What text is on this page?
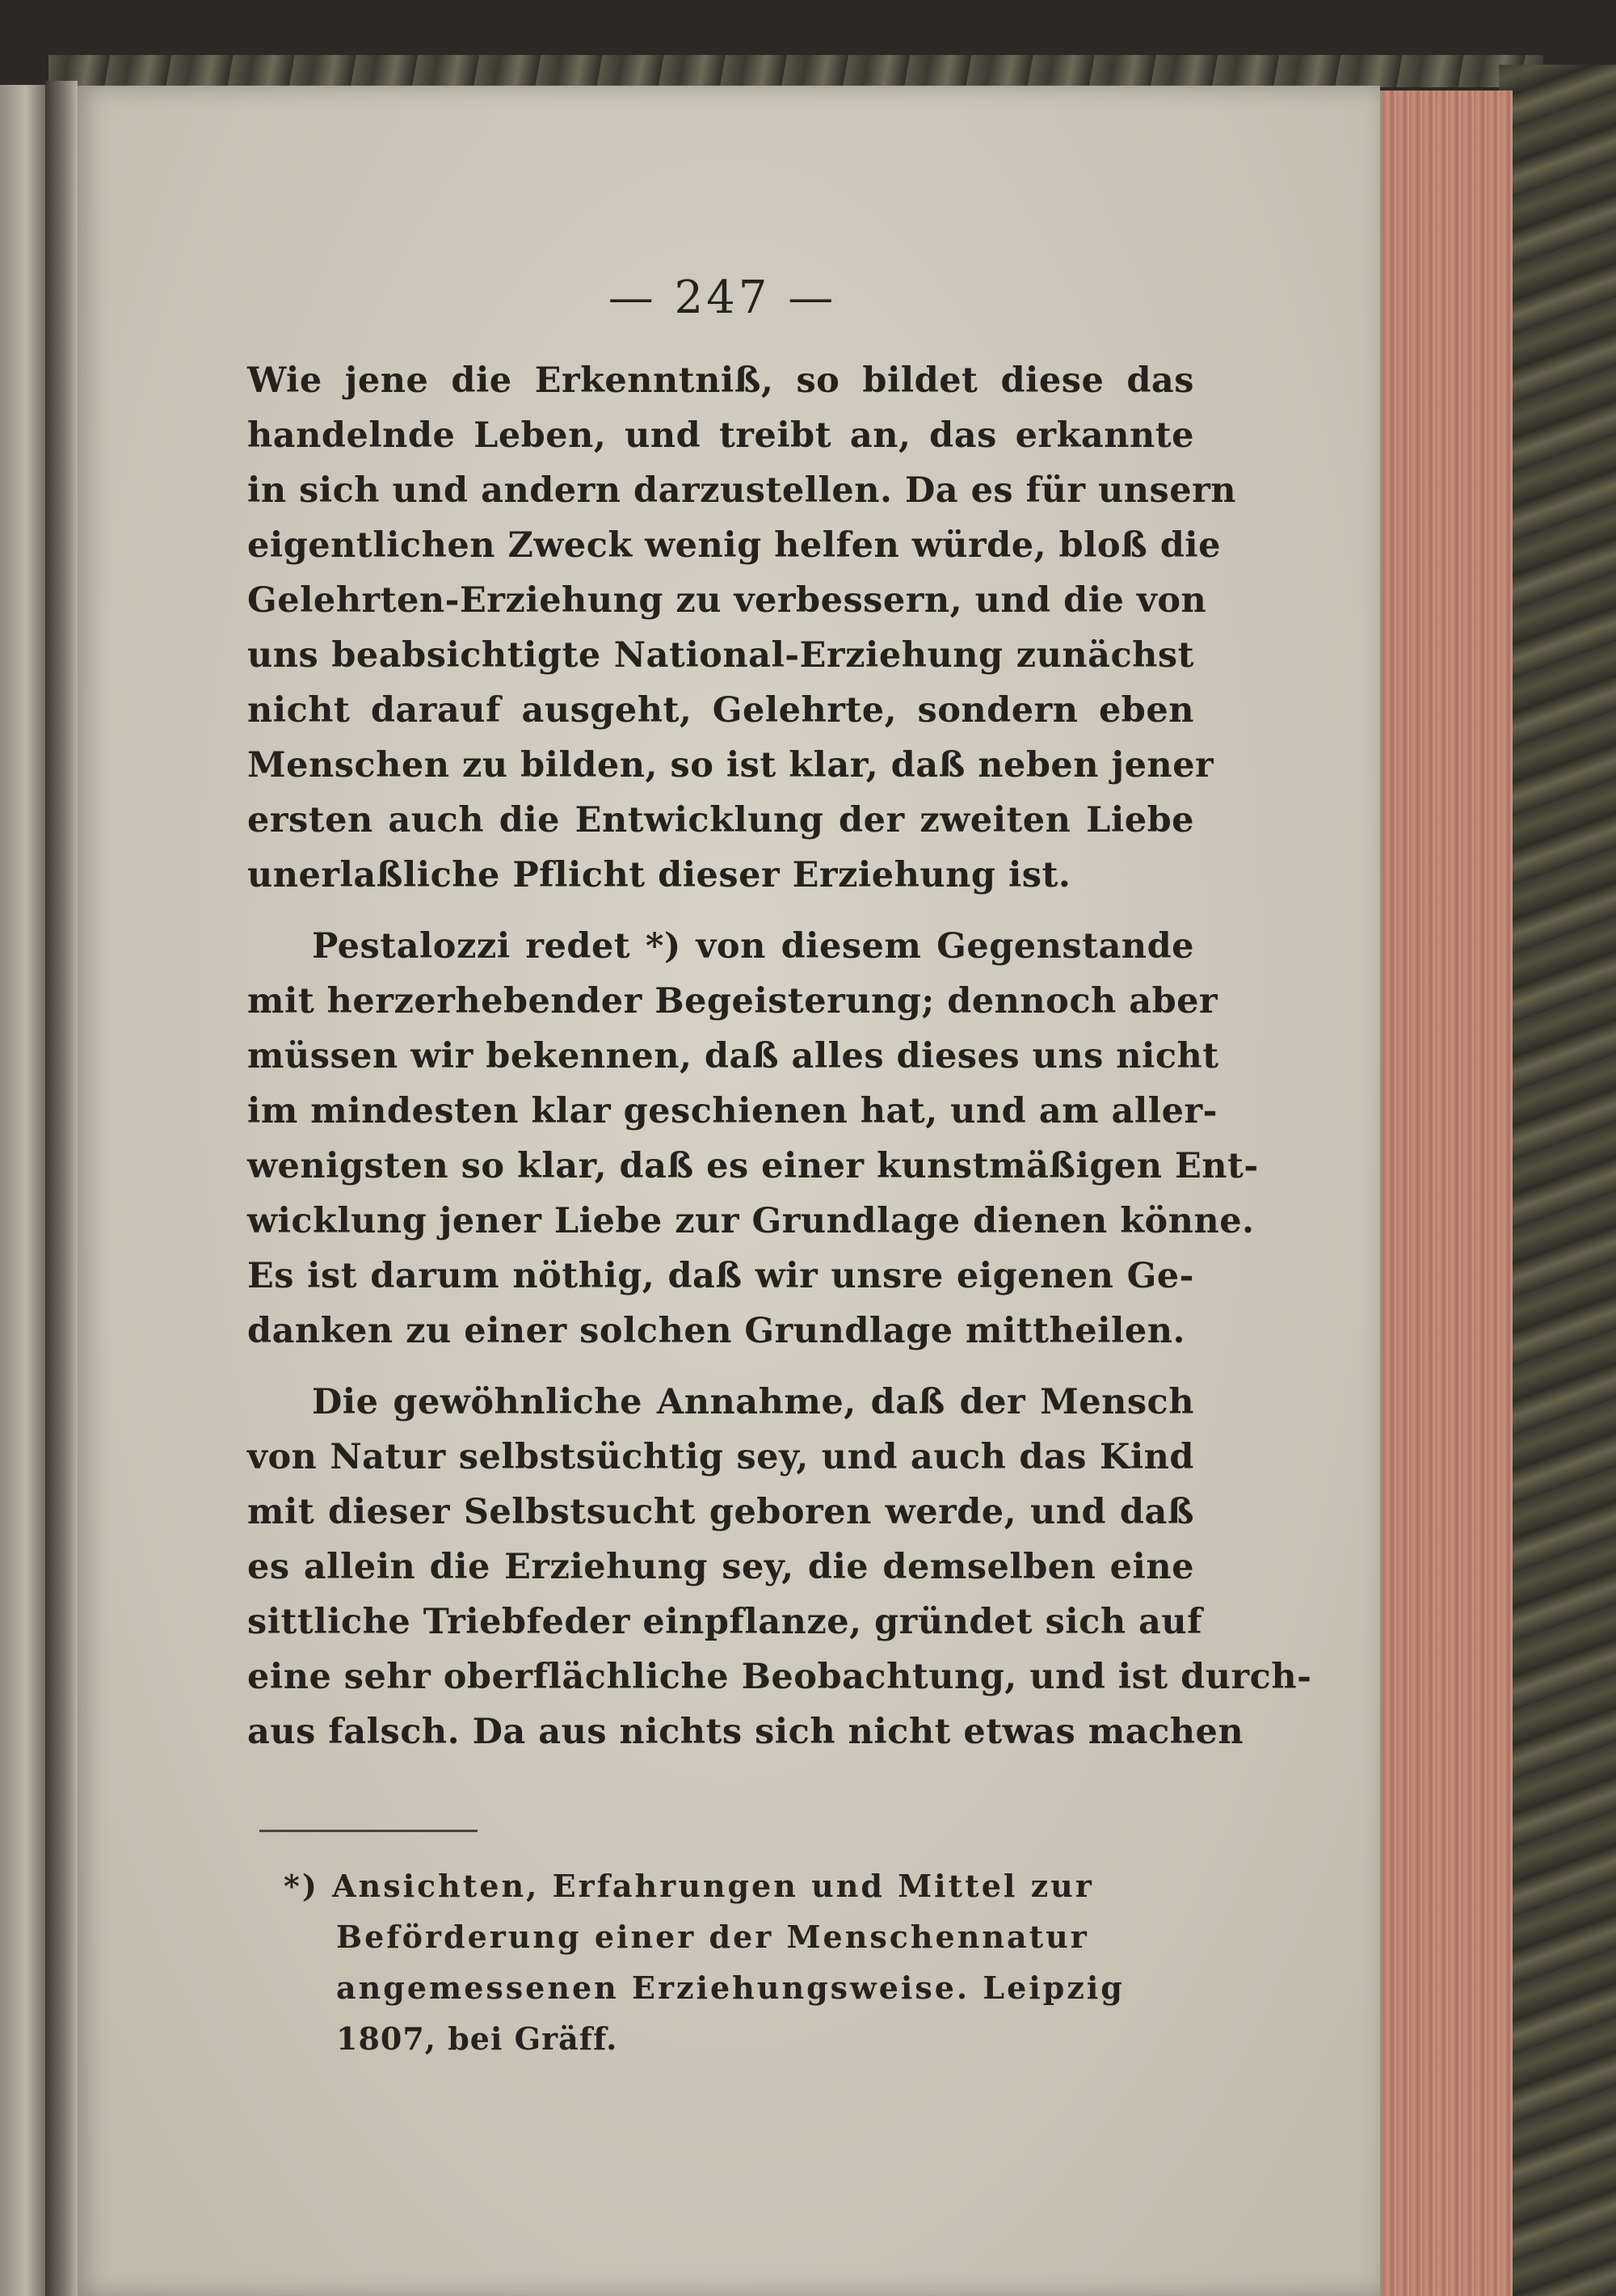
— 247 —
Wie jene die Erkenntniß, so bildet diese das
handelnde Leben, und treibt an, das erkannte
in sich und andern darzustellen. Da es für unsern
eigentlichen Zweck wenig helfen würde, bloß die
Gelehrten-Erziehung zu verbessern, und die von
uns beabsichtigte National-Erziehung zunächst
nicht darauf ausgeht, Gelehrte, sondern eben
Menschen zu bilden, so ist klar, daß neben jener
ersten auch die Entwicklung der zweiten Liebe
unerlaßliche Pflicht dieser Erziehung ist.
Pestalozzi redet *) von diesem Gegenstande
mit herzerhebender Begeisterung; dennoch aber
müssen wir bekennen, daß alles dieses uns nicht
im mindesten klar geschienen hat, und am aller-
wenigsten so klar, daß es einer kunstmäßigen Ent-
wicklung jener Liebe zur Grundlage dienen könne.
Es ist darum nöthig, daß wir unsre eigenen Ge-
danken zu einer solchen Grundlage mittheilen.
Die gewöhnliche Annahme, daß der Mensch
von Natur selbstsüchtig sey, und auch das Kind
mit dieser Selbstsucht geboren werde, und daß
es allein die Erziehung sey, die demselben eine
sittliche Triebfeder einpflanze, gründet sich auf
eine sehr oberflächliche Beobachtung, und ist durch-
aus falsch. Da aus nichts sich nicht etwas machen
*) Ansichten, Erfahrungen und Mittel zur
Beförderung einer der Menschennatur
angemessenen Erziehungsweise. Leipzig
1807, bei Gräff.
